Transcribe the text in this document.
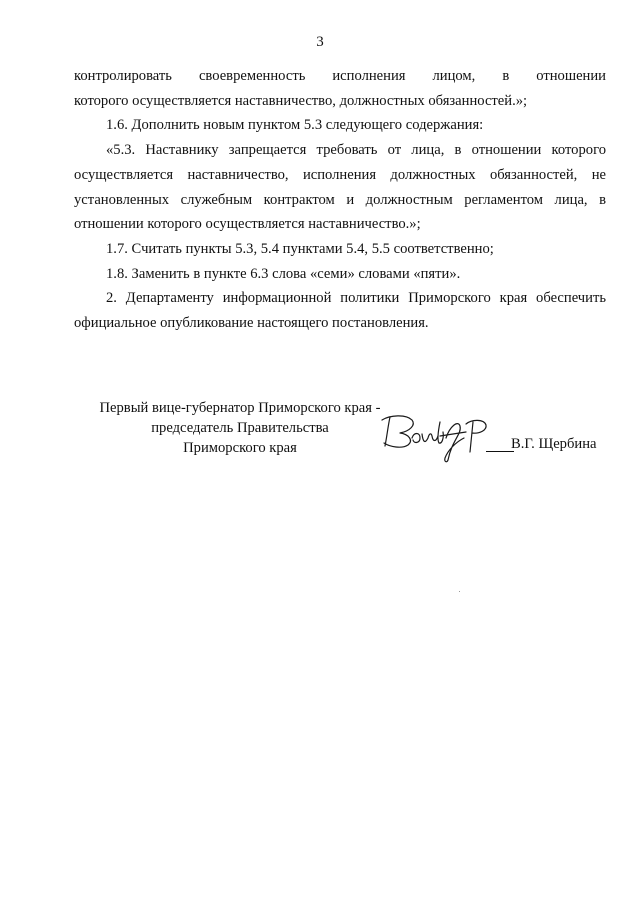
3

контролировать своевременность исполнения лицом, в отношении

которого осуществляется наставничество, должностных обязанностей.»;

1.6. Дополнить новым пунктом 5.3 следующего содержания:

«5.3. Наставнику запрещается требовать от лица, в отношении которого

осуществляется наставничество, исполнения должностных обязанностей, не

установленных служебным контрактом и должностным регламентом лица, в

отношении которого осуществляется наставничество.»;

1.7. Считать пункты 5.3, 5.4 пунктами 5.4, 5.5 соответственно;

1.8. Заменить в пункте 6.3 слова «семи» словами «пяти».

2. Департаменту информационной политики Приморского края обеспечить

официальное опубликование настоящего постановления.

Первый вице-губернатор Приморского края -
председатель Правительства
Приморского края	В.Г. Щербина
